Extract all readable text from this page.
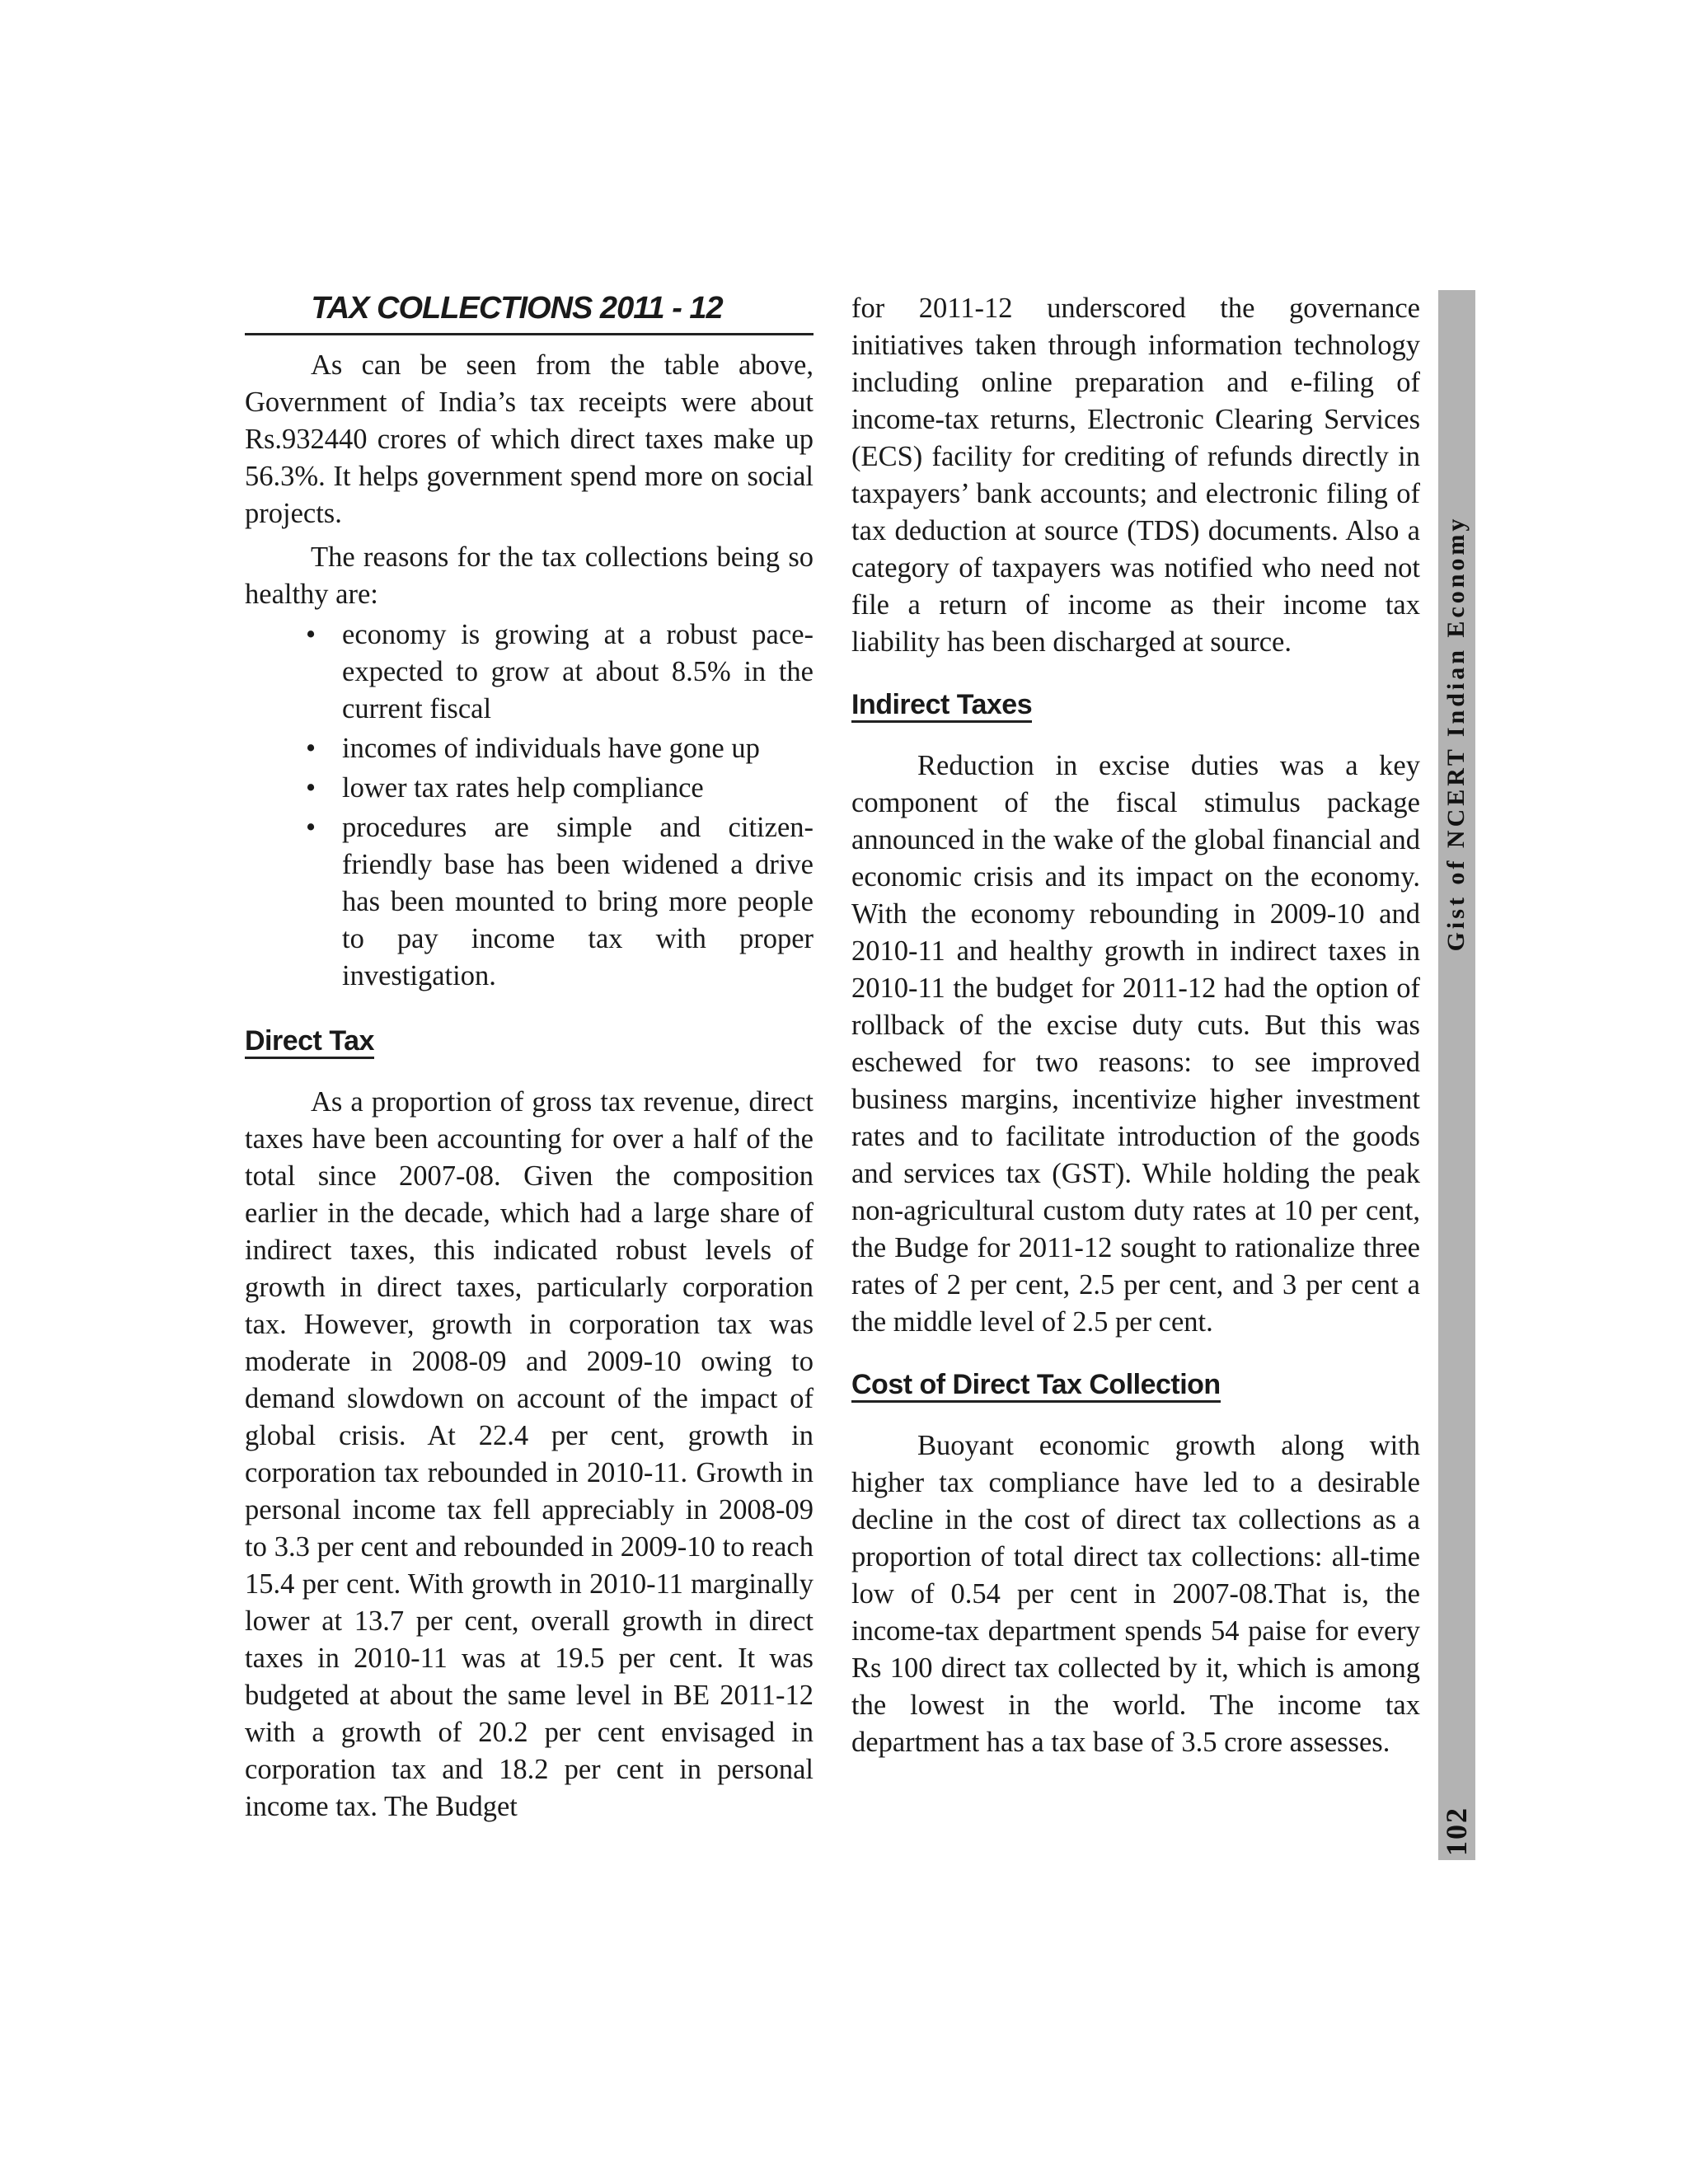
TAX COLLECTIONS 2011 - 12

As can be seen from the table above, Government of India’s tax receipts were about Rs.932440 crores of which direct taxes make up 56.3%. It helps government spend more on social projects.

The reasons for the tax collections being so healthy are:

• economy is growing at a robust pace- expected to grow at about 8.5% in the current fiscal
• incomes of individuals have gone up
• lower tax rates help compliance
• procedures are simple and citizen-friendly base has been widened a drive has been mounted to bring more people to pay income tax with proper investigation.
Direct Tax

As a proportion of gross tax revenue, direct taxes have been accounting for over a half of the total since 2007-08. Given the composition earlier in the decade, which had a large share of indirect taxes, this indicated robust levels of growth in direct taxes, particularly corporation tax. However, growth in corporation tax was moderate in 2008-09 and 2009-10 owing to demand slowdown on account of the impact of global crisis. At 22.4 per cent, growth in corporation tax rebounded in 2010-11. Growth in personal income tax fell appreciably in 2008-09 to 3.3 per cent and rebounded in 2009-10 to reach 15.4 per cent. With growth in 2010-11 marginally lower at 13.7 per cent, overall growth in direct taxes in 2010-11 was at 19.5 per cent. It was budgeted at about the same level in BE 2011-12 with a growth of 20.2 per cent envisaged in corporation tax and 18.2 per cent in personal income tax. The Budget

for 2011-12 underscored the governance initiatives taken through information technology including online preparation and e-filing of income-tax returns, Electronic Clearing Services (ECS) facility for crediting of refunds directly in taxpayers’ bank accounts; and electronic filing of tax deduction at source (TDS) documents. Also a category of taxpayers was notified who need not file a return of income as their income tax liability has been discharged at source.

Indirect Taxes

Reduction in excise duties was a key component of the fiscal stimulus package announced in the wake of the global financial and economic crisis and its impact on the economy. With the economy rebounding in 2009-10 and 2010-11 and healthy growth in indirect taxes in 2010-11 the budget for 2011-12 had the option of rollback of the excise duty cuts. But this was eschewed for two reasons: to see improved business margins, incentivize higher investment rates and to facilitate introduction of the goods and services tax (GST). While holding the peak non-agricultural custom duty rates at 10 per cent, the Budge for 2011-12 sought to rationalize three rates of 2 per cent, 2.5 per cent, and 3 per cent a the middle level of 2.5 per cent.

Cost of Direct Tax Collection

Buoyant economic growth along with higher tax compliance have led to a desirable decline in the cost of direct tax collections as a proportion of total direct tax collections: all-time low of 0.54 per cent in 2007-08.That is, the income-tax department spends 54 paise for every Rs 100 direct tax collected by it, which is among the lowest in the world. The income tax department has a tax base of 3.5 crore assesses.

Gist of NCERT Indian Economy
102
